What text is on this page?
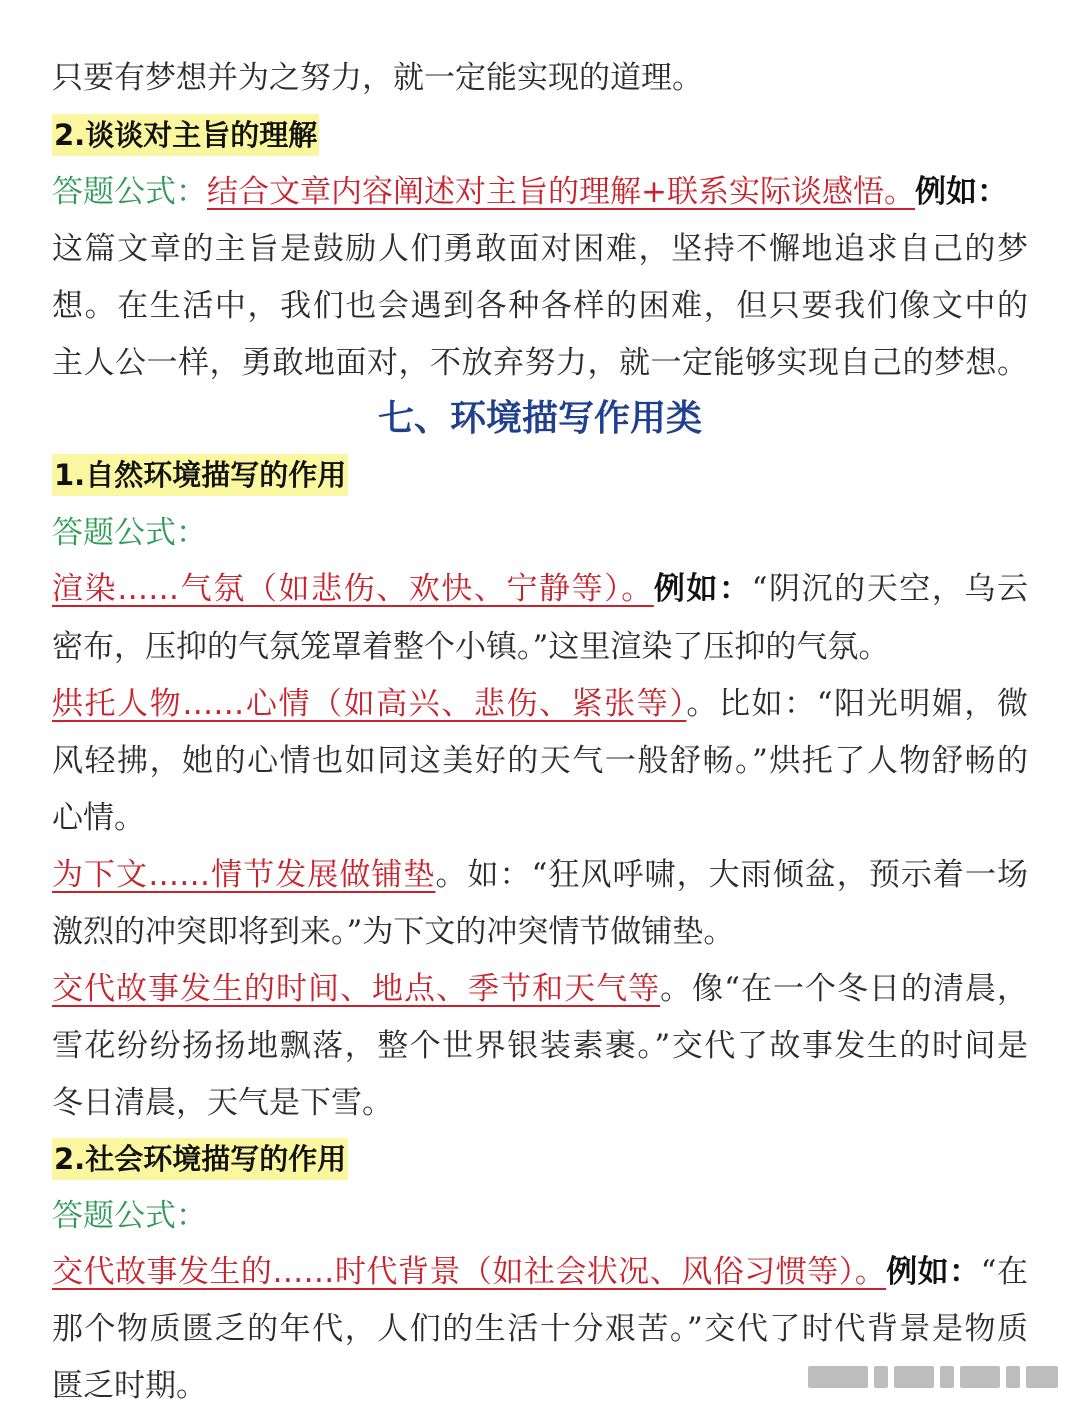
只要有梦想并为之努力，就一定能实现的道理。
2.谈谈对主旨的理解
答题公式：结合文章内容阐述对主旨的理解+联系实际谈感悟。例如：
这篇文章的主旨是鼓励人们勇敢面对困难，坚持不懈地追求自己的梦
想。在生活中，我们也会遇到各种各样的困难，但只要我们像文中的
主人公一样，勇敢地面对，不放弃努力，就一定能够实现自己的梦想。
七、环境描写作用类
1.自然环境描写的作用
答题公式：
渲染……气氛（如悲伤、欢快、宁静等）。例如：“阴沉的天空，乌云
密布，压抑的气氛笼罩着整个小镇。”这里渲染了压抑的气氛。
烘托人物……心情（如高兴、悲伤、紧张等）。比如：“阳光明媚，微
风轻拂，她的心情也如同这美好的天气一般舒畅。”烘托了人物舒畅的
心情。
为下文……情节发展做铺垫。如：“狂风呼啸，大雨倾盆，预示着一场
激烈的冲突即将到来。”为下文的冲突情节做铺垫。
交代故事发生的时间、地点、季节和天气等。像“在一个冬日的清晨，
雪花纷纷扬扬地飘落，整个世界银装素裹。”交代了故事发生的时间是
冬日清晨，天气是下雪。
2.社会环境描写的作用
答题公式：
交代故事发生的……时代背景（如社会状况、风俗习惯等）。例如：“在
那个物质匮乏的年代，人们的生活十分艰苦。”交代了时代背景是物质
匮乏时期。
